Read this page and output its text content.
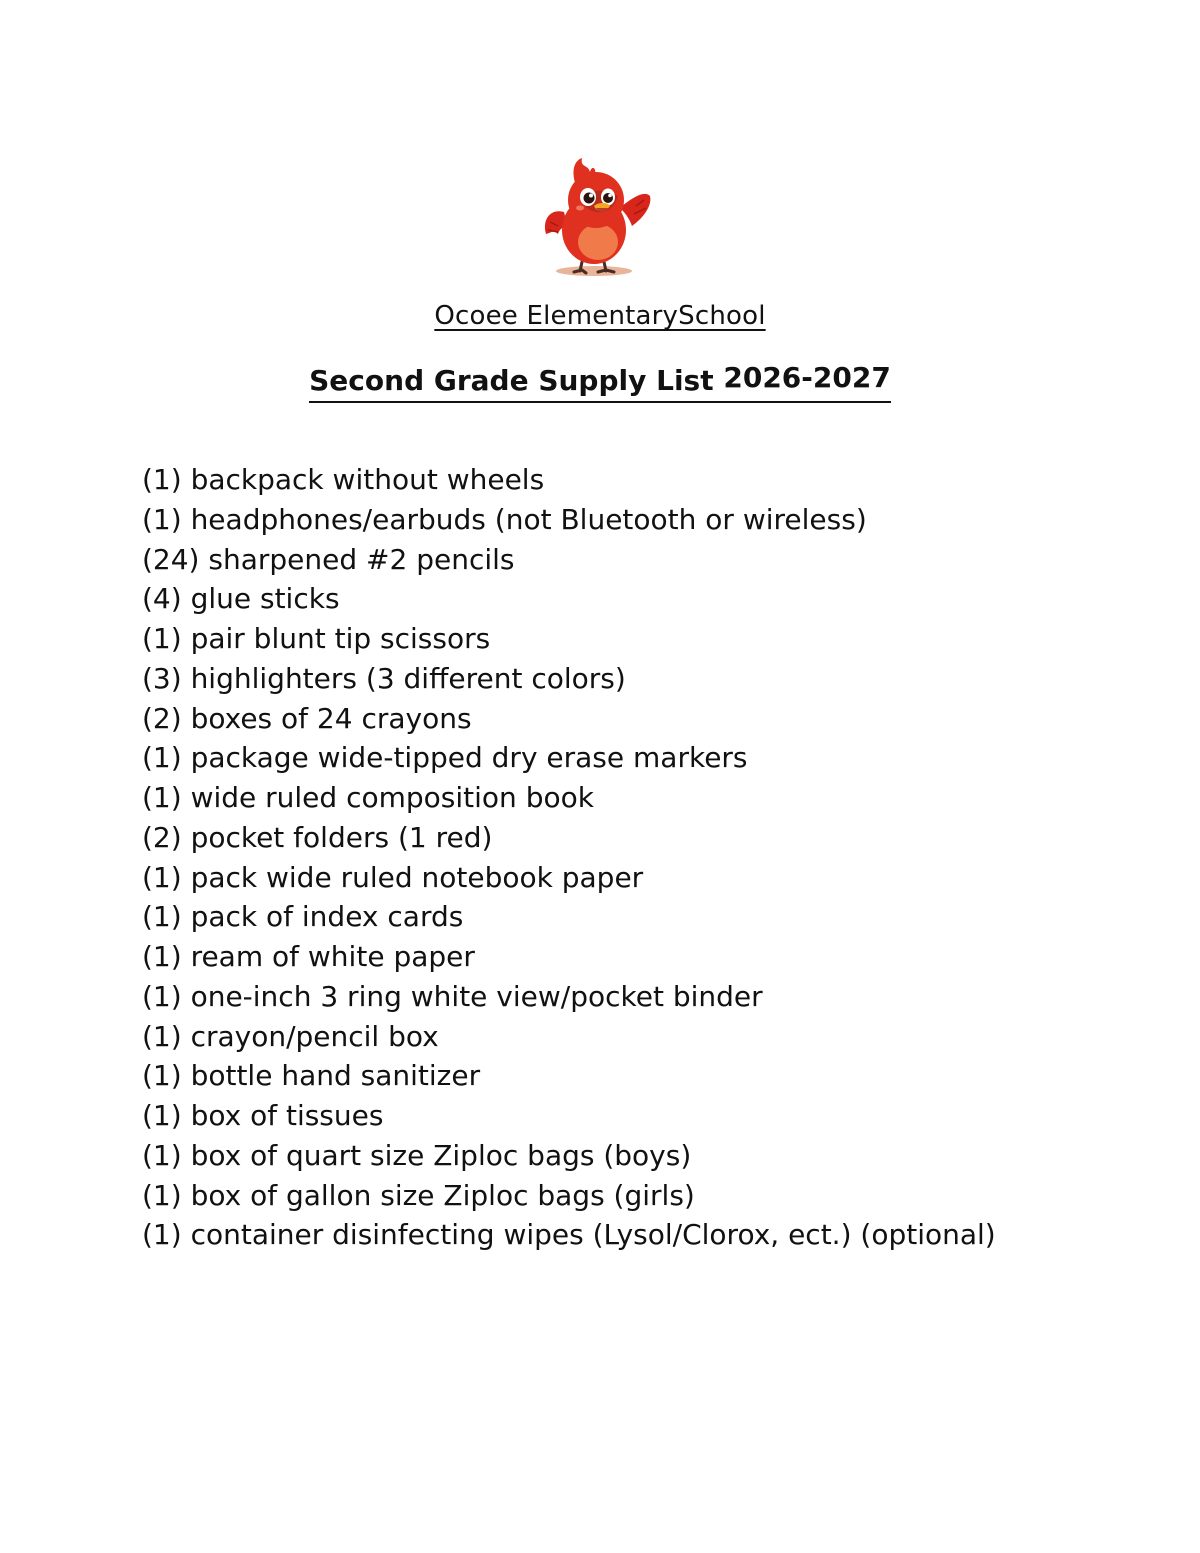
Ocoee ElementarySchool
Second Grade Supply List 2026-2027
(1) backpack without wheels
(1) headphones/earbuds (not Bluetooth or wireless)
(24) sharpened #2 pencils
(4) glue sticks
(1) pair blunt tip scissors
(3) highlighters (3 different colors)
(2) boxes of 24 crayons
(1) package wide-tipped dry erase markers
(1) wide ruled composition book
(2) pocket folders (1 red)
(1) pack wide ruled notebook paper
(1) pack of index cards
(1) ream of white paper
(1) one-inch 3 ring white view/pocket binder
(1) crayon/pencil box
(1) bottle hand sanitizer
(1) box of tissues
(1) box of quart size Ziploc bags (boys)
(1) box of gallon size Ziploc bags (girls)
(1) container disinfecting wipes (Lysol/Clorox, ect.) (optional)
